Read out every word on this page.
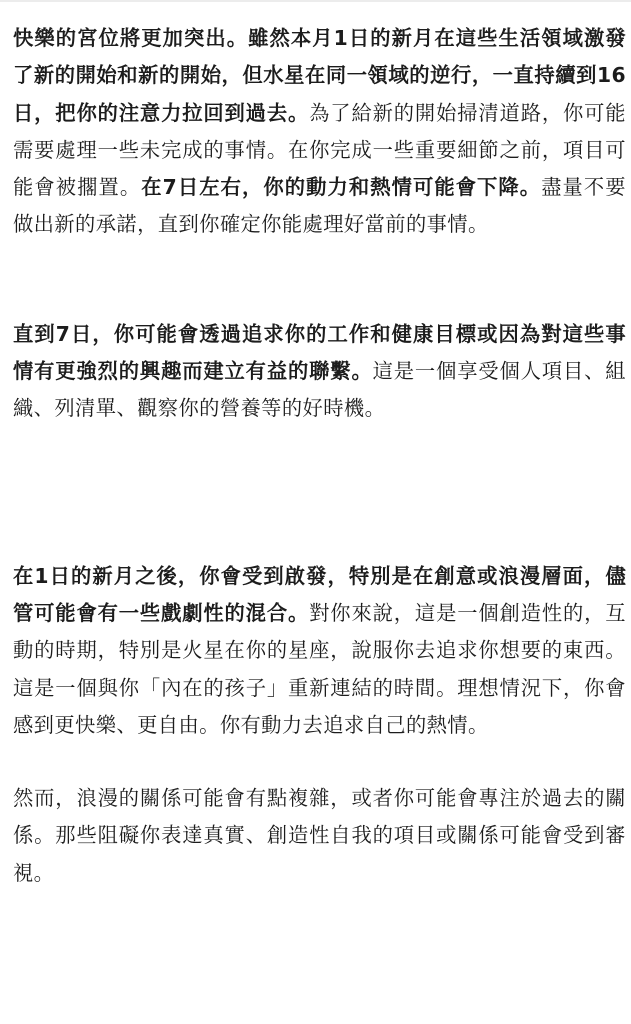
快樂的宮位將更加突出。雖然本月1日的新月在這些生活領域激發了新的開始和新的開始，但水星在同一領域的逆行，一直持續到16日，把你的注意力拉回到過去。為了給新的開始掃清道路，你可能需要處理一些未完成的事情。在你完成一些重要細節之前，項目可能會被擱置。在7日左右，你的動力和熱情可能會下降。盡量不要做出新的承諾，直到你確定你能處理好當前的事情。

直到7日，你可能會透過追求你的工作和健康目標或因為對這些事情有更強烈的興趣而建立有益的聯繫。這是一個享受個人項目、組織、列清單、觀察你的營養等的好時機。

在1日的新月之後，你會受到啟發，特別是在創意或浪漫層面，儘管可能會有一些戲劇性的混合。對你來說，這是一個創造性的，互動的時期，特別是火星在你的星座，說服你去追求你想要的東西。這是一個與你「內在的孩子」重新連結的時間。理想情況下，你會感到更快樂、更自由。你有動力去追求自己的熱情。

然而，浪漫的關係可能會有點複雜，或者你可能會專注於過去的關係。那些阻礙你表達真實、創造性自我的項目或關係可能會受到審視。
